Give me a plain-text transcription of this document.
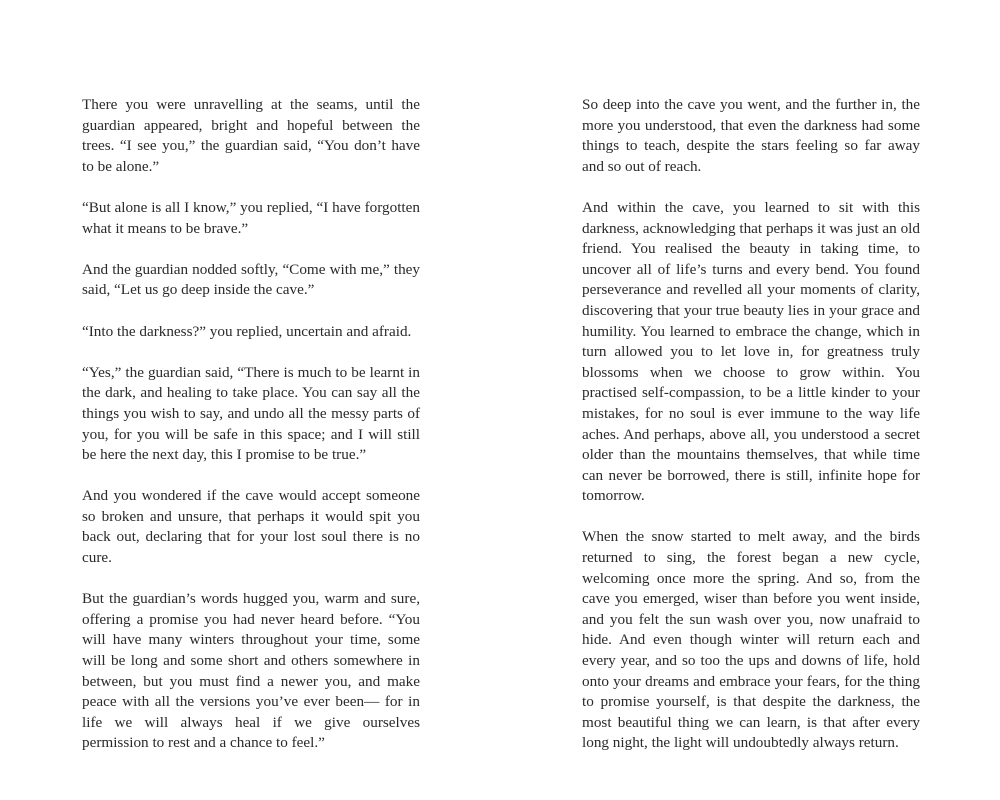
There you were unravelling at the seams, until the guardian appeared, bright and hopeful between the trees. “I see you,” the guardian said, “You don’t have to be alone.”

“But alone is all I know,” you replied, “I have forgotten what it means to be brave.”

And the guardian nodded softly, “Come with me,” they said, “Let us go deep inside the cave.”

“Into the darkness?” you replied, uncertain and afraid.

“Yes,” the guardian said, “There is much to be learnt in the dark, and healing to take place. You can say all the things you wish to say, and undo all the messy parts of you, for you will be safe in this space; and I will still be here the next day, this I promise to be true.”

And you wondered if the cave would accept someone so broken and unsure, that perhaps it would spit you back out, declaring that for your lost soul there is no cure.

But the guardian’s words hugged you, warm and sure, offering a promise you had never heard before. “You will have many winters throughout your time, some will be long and some short and others somewhere in between, but you must find a newer you, and make peace with all the versions you’ve ever been— for in life we will always heal if we give ourselves permission to rest and a chance to feel.”

So deep into the cave you went, and the further in, the more you understood, that even the darkness had some things to teach, despite the stars feeling so far away and so out of reach.

And within the cave, you learned to sit with this darkness, acknowledging that perhaps it was just an old friend. You realised the beauty in taking time, to uncover all of life’s turns and every bend. You found perseverance and revelled all your moments of clarity, discovering that your true beauty lies in your grace and humility. You learned to embrace the change, which in turn allowed you to let love in, for greatness truly blossoms when we choose to grow within. You practised self-compassion, to be a little kinder to your mistakes, for no soul is ever immune to the way life aches. And perhaps, above all, you understood a secret older than the mountains themselves, that while time can never be borrowed, there is still, infinite hope for tomorrow.

When the snow started to melt away, and the birds returned to sing, the forest began a new cycle, welcoming once more the spring. And so, from the cave you emerged, wiser than before you went inside, and you felt the sun wash over you, now unafraid to hide. And even though winter will return each and every year, and so too the ups and downs of life, hold onto your dreams and embrace your fears, for the thing to promise yourself, is that despite the darkness, the most beautiful thing we can learn, is that after every long night, the light will undoubtedly always return.
